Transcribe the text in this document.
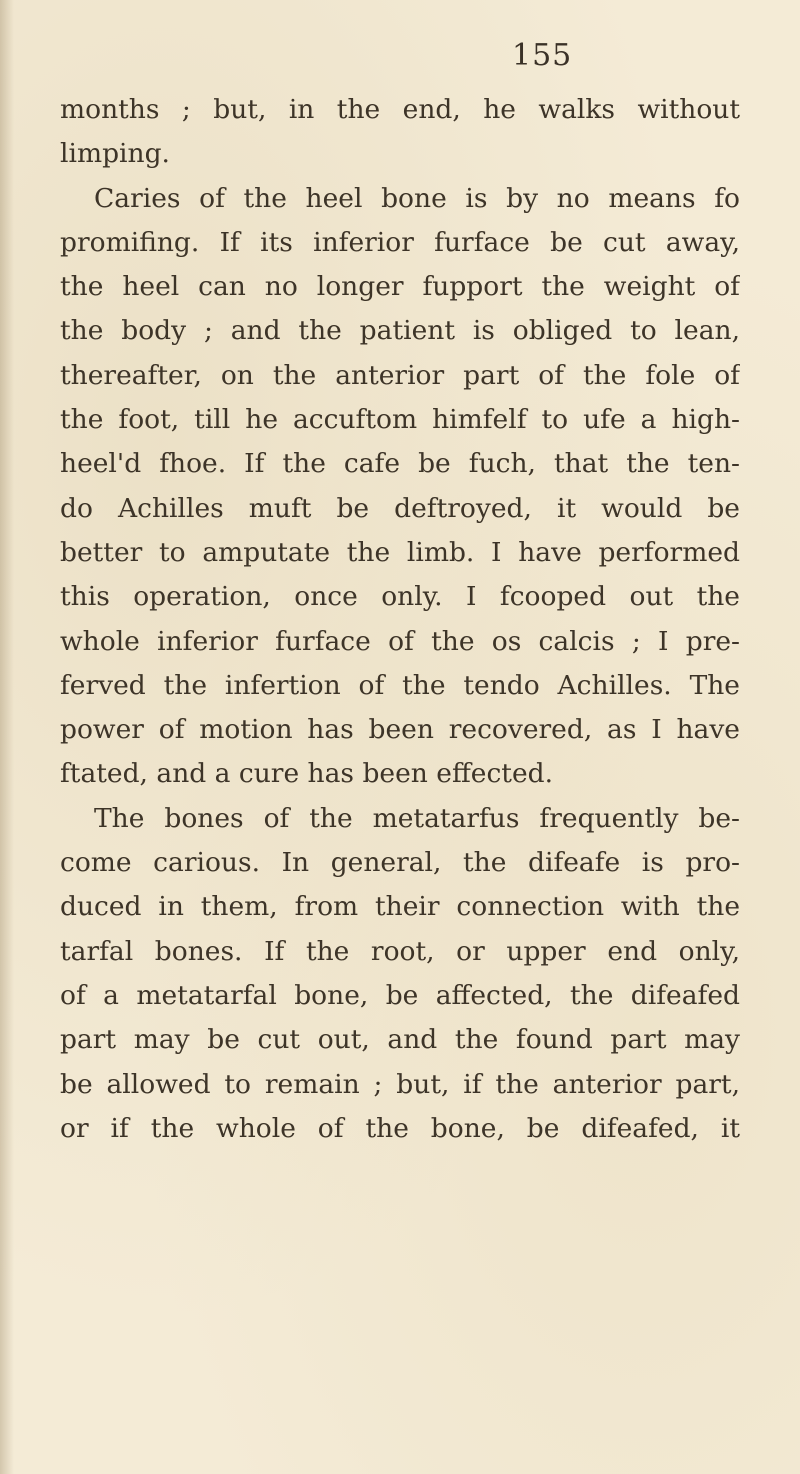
155
months ; but, in the end, he walks without
limping.
Caries of the heel bone is by no means fo
promifing. If its inferior furface be cut away,
the heel can no longer fupport the weight of
the body ; and the patient is obliged to lean,
thereafter, on the anterior part of the fole of
the foot, till he accuftom himfelf to ufe a high-
heel'd fhoe. If the cafe be fuch, that the ten-
do Achilles muft be deftroyed, it would be
better to amputate the limb. I have performed
this operation, once only. I fcooped out the
whole inferior furface of the os calcis ; I pre-
ferved the infertion of the tendo Achilles. The
power of motion has been recovered, as I have
ftated, and a cure has been effected.
The bones of the metatarfus frequently be-
come carious. In general, the difeafe is pro-
duced in them, from their connection with the
tarfal bones. If the root, or upper end only,
of a metatarfal bone, be affected, the difeafed
part may be cut out, and the found part may
be allowed to remain ; but, if the anterior part,
or if the whole of the bone, be difeafed, it
